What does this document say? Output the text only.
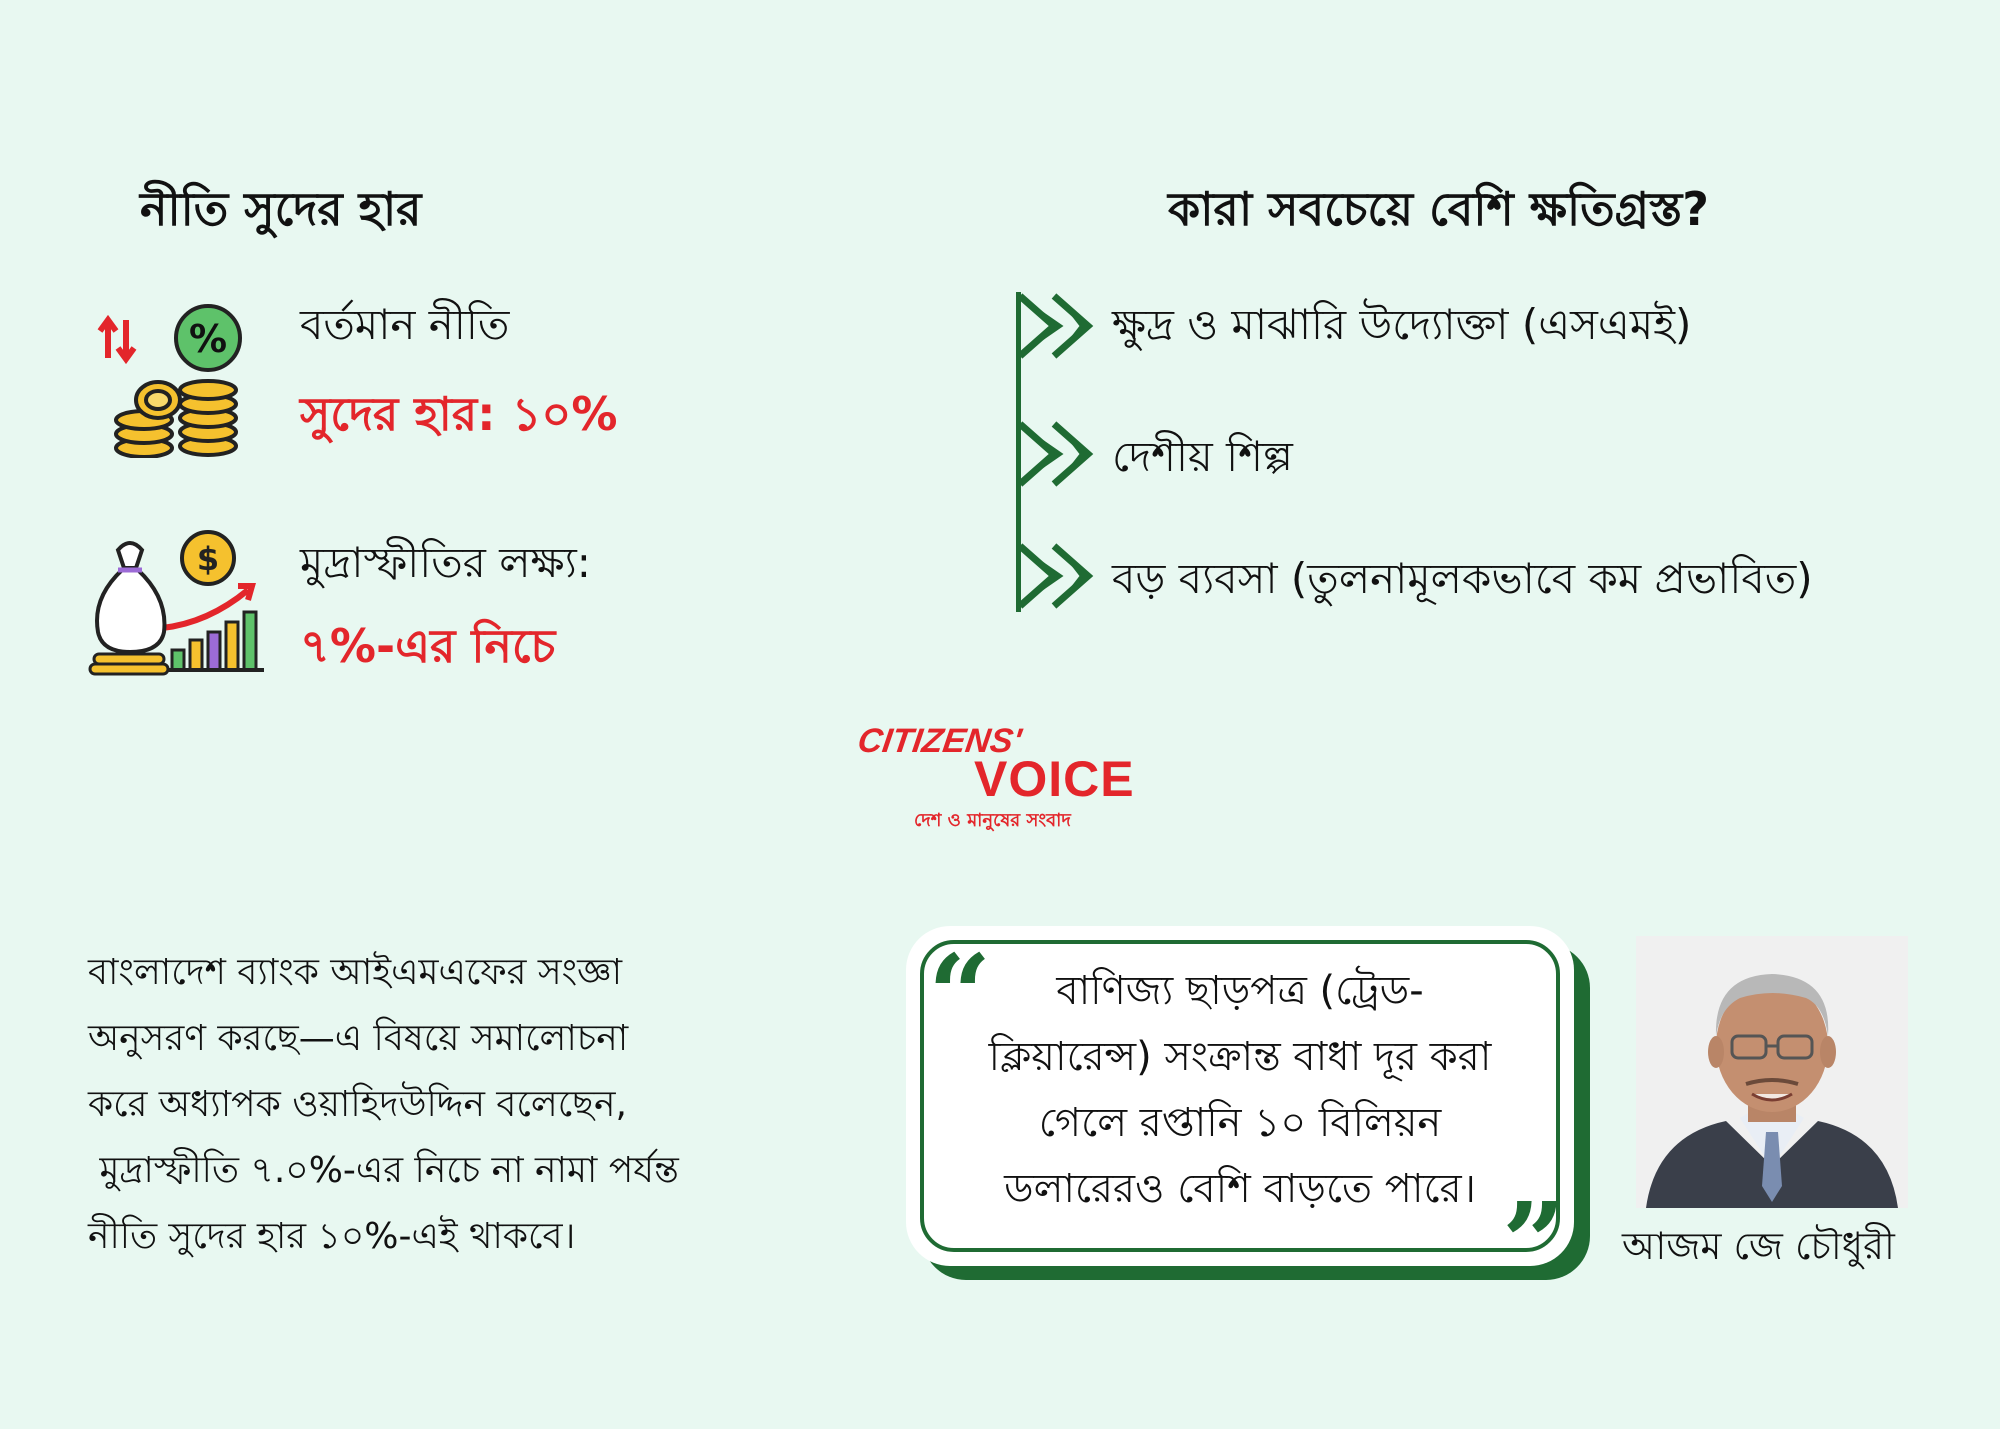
নীতি সুদের হার
% বর্তমান নীতি
সুদের হার: ১০%
$ মুদ্রাস্ফীতির লক্ষ্য:
৭%-এর নিচে
কারা সবচেয়ে বেশি ক্ষতিগ্রস্ত?
ক্ষুদ্র ও মাঝারি উদ্যোক্তা (এসএমই)
দেশীয় শিল্প
বড় ব্যবসা (তুলনামূলকভাবে কম প্রভাবিত)
CITIZENS'
VOICE
দেশ ও মানুষের সংবাদ
বাংলাদেশ ব্যাংক আইএমএফের সংজ্ঞা
অনুসরণ করছে—এ বিষয়ে সমালোচনা
করে অধ্যাপক ওয়াহিদউদ্দিন বলেছেন,
মুদ্রাস্ফীতি ৭.০%-এর নিচে না নামা পর্যন্ত
নীতি সুদের হার ১০%-এই থাকবে।
“	বাণিজ্য ছাড়পত্র (ট্রেড-
ক্লিয়ারেন্স) সংক্রান্ত বাধা দূর করা
গেলে রপ্তানি ১০ বিলিয়ন
ডলারেরও বেশি বাড়তে পারে। ” আজম জে চৌধুরী
